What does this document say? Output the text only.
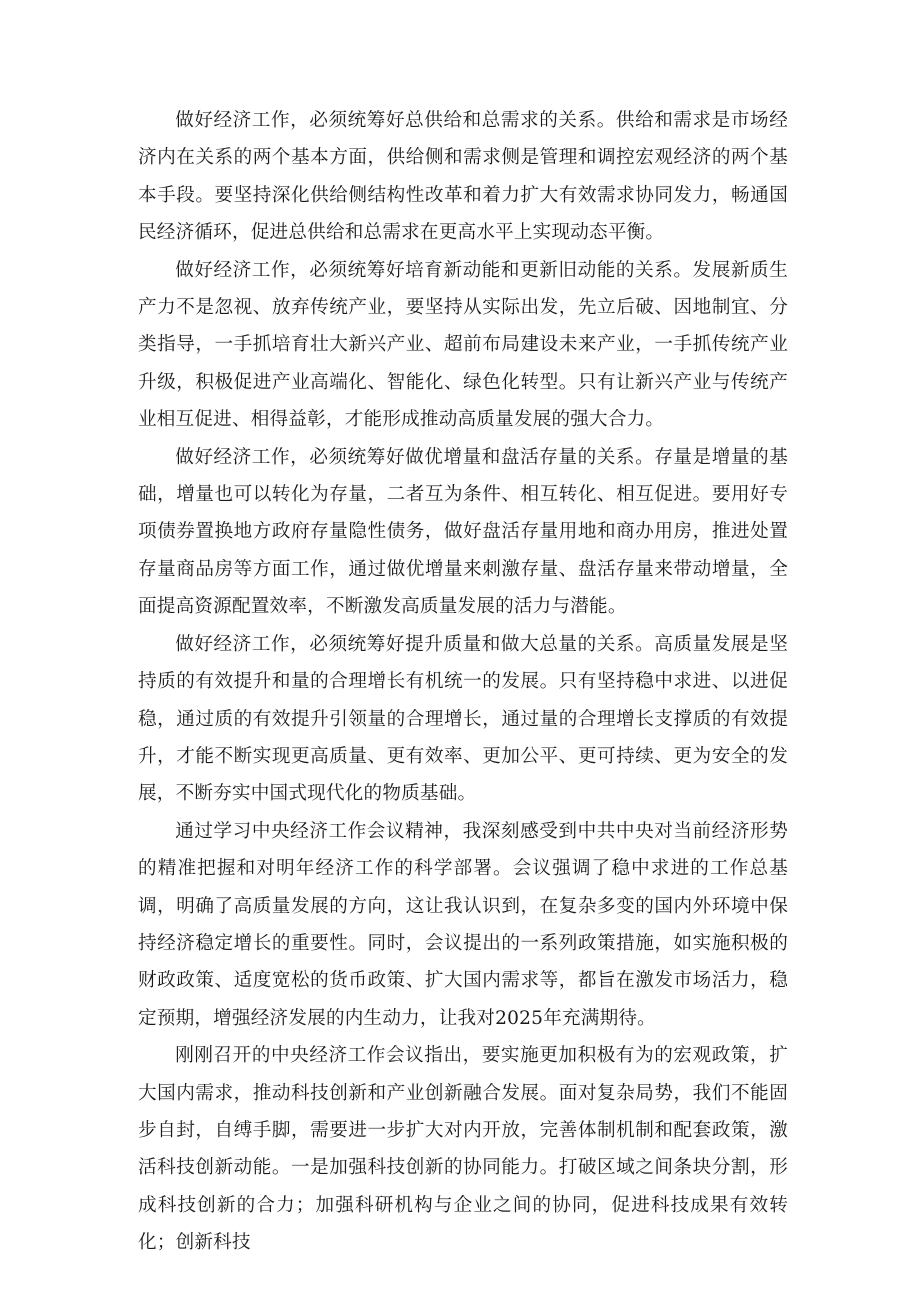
做好经济工作，必须统筹好总供给和总需求的关系。供给和需求是市场经济内在关系的两个基本方面，供给侧和需求侧是管理和调控宏观经济的两个基本手段。要坚持深化供给侧结构性改革和着力扩大有效需求协同发力，畅通国民经济循环，促进总供给和总需求在更高水平上实现动态平衡。

做好经济工作，必须统筹好培育新动能和更新旧动能的关系。发展新质生产力不是忽视、放弃传统产业，要坚持从实际出发，先立后破、因地制宜、分类指导，一手抓培育壮大新兴产业、超前布局建设未来产业，一手抓传统产业升级，积极促进产业高端化、智能化、绿色化转型。只有让新兴产业与传统产业相互促进、相得益彰，才能形成推动高质量发展的强大合力。

做好经济工作，必须统筹好做优增量和盘活存量的关系。存量是增量的基础，增量也可以转化为存量，二者互为条件、相互转化、相互促进。要用好专项债券置换地方政府存量隐性债务，做好盘活存量用地和商办用房，推进处置存量商品房等方面工作，通过做优增量来刺激存量、盘活存量来带动增量，全面提高资源配置效率，不断激发高质量发展的活力与潜能。

做好经济工作，必须统筹好提升质量和做大总量的关系。高质量发展是坚持质的有效提升和量的合理增长有机统一的发展。只有坚持稳中求进、以进促稳，通过质的有效提升引领量的合理增长，通过量的合理增长支撑质的有效提升，才能不断实现更高质量、更有效率、更加公平、更可持续、更为安全的发展，不断夯实中国式现代化的物质基础。

通过学习中央经济工作会议精神，我深刻感受到中共中央对当前经济形势的精准把握和对明年经济工作的科学部署。会议强调了稳中求进的工作总基调，明确了高质量发展的方向，这让我认识到，在复杂多变的国内外环境中保持经济稳定增长的重要性。同时，会议提出的一系列政策措施，如实施积极的财政政策、适度宽松的货币政策、扩大国内需求等，都旨在激发市场活力，稳定预期，增强经济发展的内生动力，让我对2025年充满期待。

刚刚召开的中央经济工作会议指出，要实施更加积极有为的宏观政策，扩大国内需求，推动科技创新和产业创新融合发展。面对复杂局势，我们不能固步自封，自缚手脚，需要进一步扩大对内开放，完善体制机制和配套政策，激活科技创新动能。一是加强科技创新的协同能力。打破区域之间条块分割，形成科技创新的合力；加强科研机构与企业之间的协同，促进科技成果有效转化；创新科技
